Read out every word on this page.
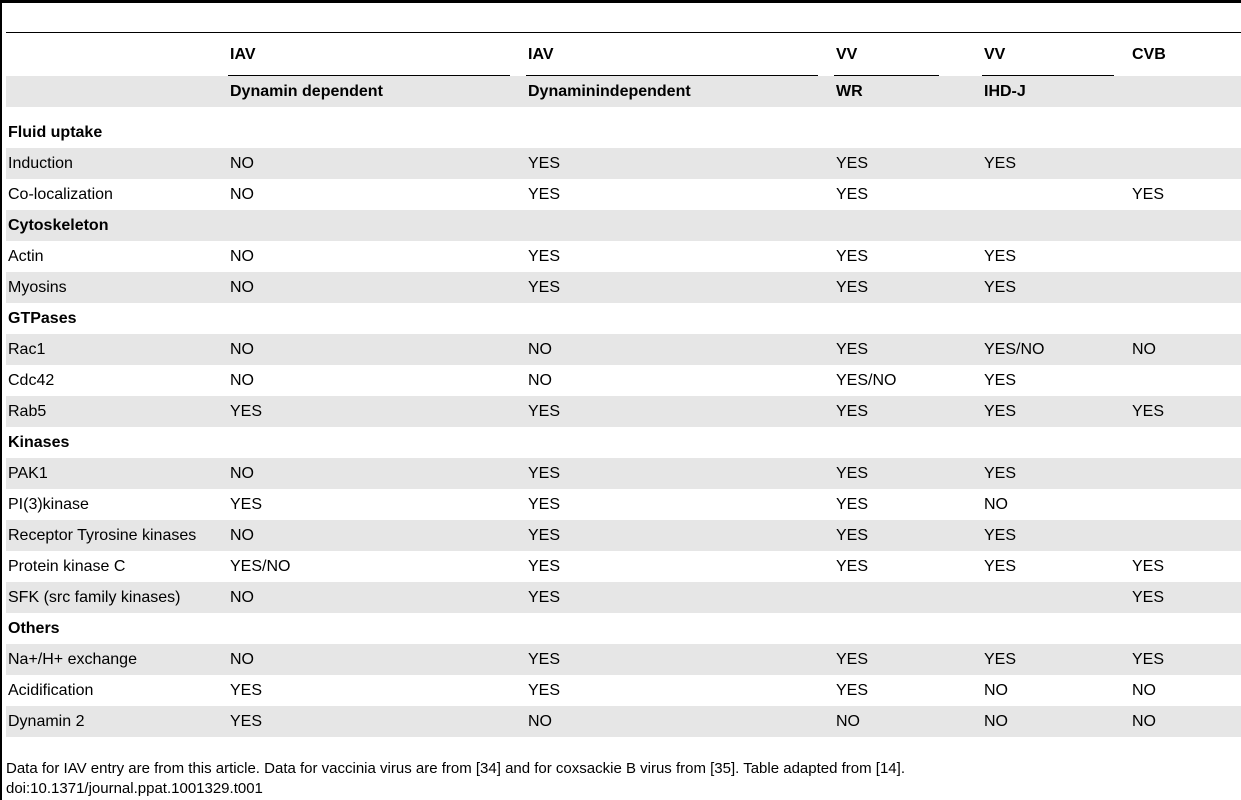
	IAV	IAV	VV	VV	CVB
	Dynamin dependent	Dynaminindependent	WR	IHD-J	
Fluid uptake					
Induction	NO	YES	YES	YES	
Co-localization	NO	YES	YES		YES
Cytoskeleton					
Actin	NO	YES	YES	YES	
Myosins	NO	YES	YES	YES	
GTPases					
Rac1	NO	NO	YES	YES/NO	NO
Cdc42	NO	NO	YES/NO	YES	
Rab5	YES	YES	YES	YES	YES
Kinases					
PAK1	NO	YES	YES	YES	
PI(3)kinase	YES	YES	YES	NO	
Receptor Tyrosine kinases	NO	YES	YES	YES	
Protein kinase C	YES/NO	YES	YES	YES	YES
SFK (src family kinases)	NO	YES			YES
Others					
Na+/H+ exchange	NO	YES	YES	YES	YES
Acidification	YES	YES	YES	NO	NO
Dynamin 2	YES	NO	NO	NO	NO
Data for IAV entry are from this article. Data for vaccinia virus are from [34] and for coxsackie B virus from [35]. Table adapted from [14].
doi:10.1371/journal.ppat.1001329.t001
